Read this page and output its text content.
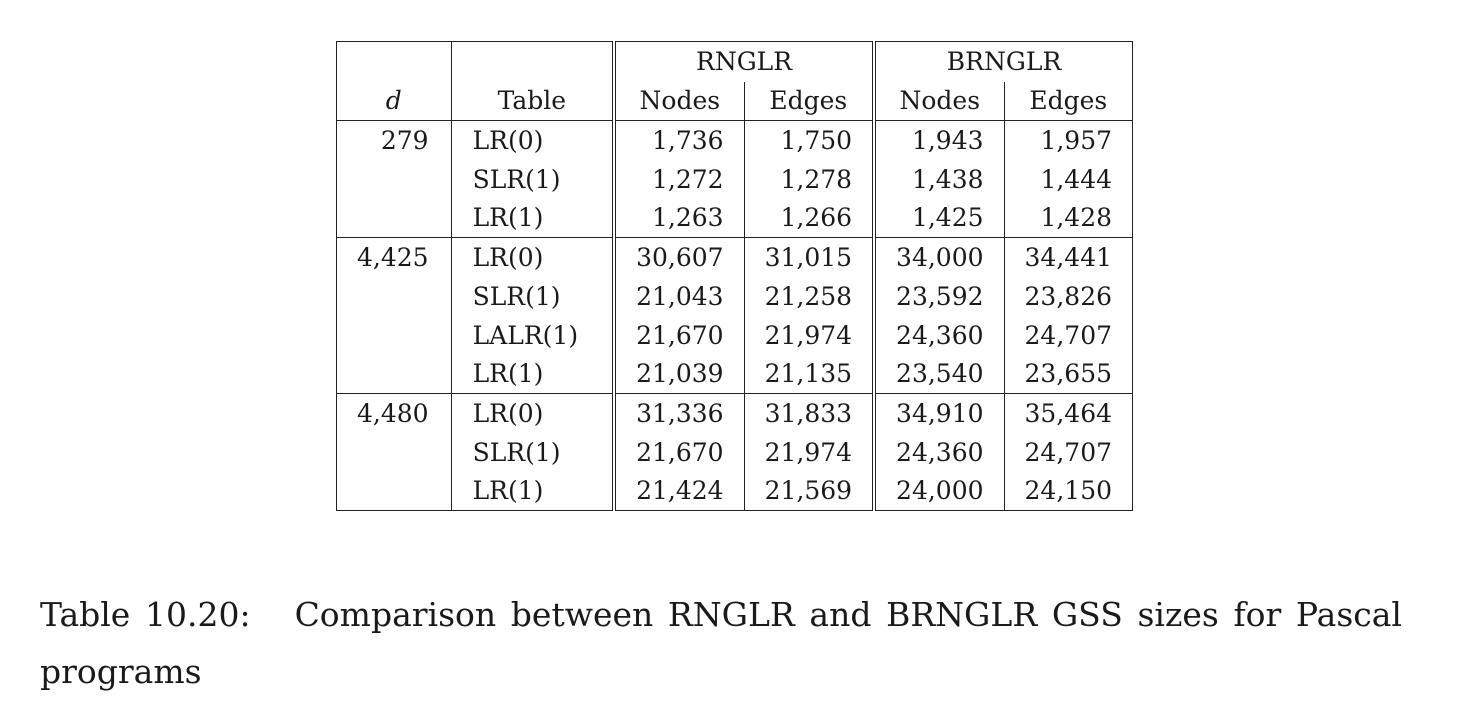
		RNGLR		BRNGLR	
d	Table	Nodes	Edges	Nodes	Edges
279	LR(0)	1,736	1,750	1,943	1,957
	SLR(1)	1,272	1,278	1,438	1,444
	LR(1)	1,263	1,266	1,425	1,428
4,425	LR(0)	30,607	31,015	34,000	34,441
	SLR(1)	21,043	21,258	23,592	23,826
	LALR(1)	21,670	21,974	24,360	24,707
	LR(1)	21,039	21,135	23,540	23,655
4,480	LR(0)	31,336	31,833	34,910	35,464
	SLR(1)	21,670	21,974	24,360	24,707
	LR(1)	21,424	21,569	24,000	24,150
Table 10.20: Comparison between RNGLR and BRNGLR GSS sizes for Pascal programs
